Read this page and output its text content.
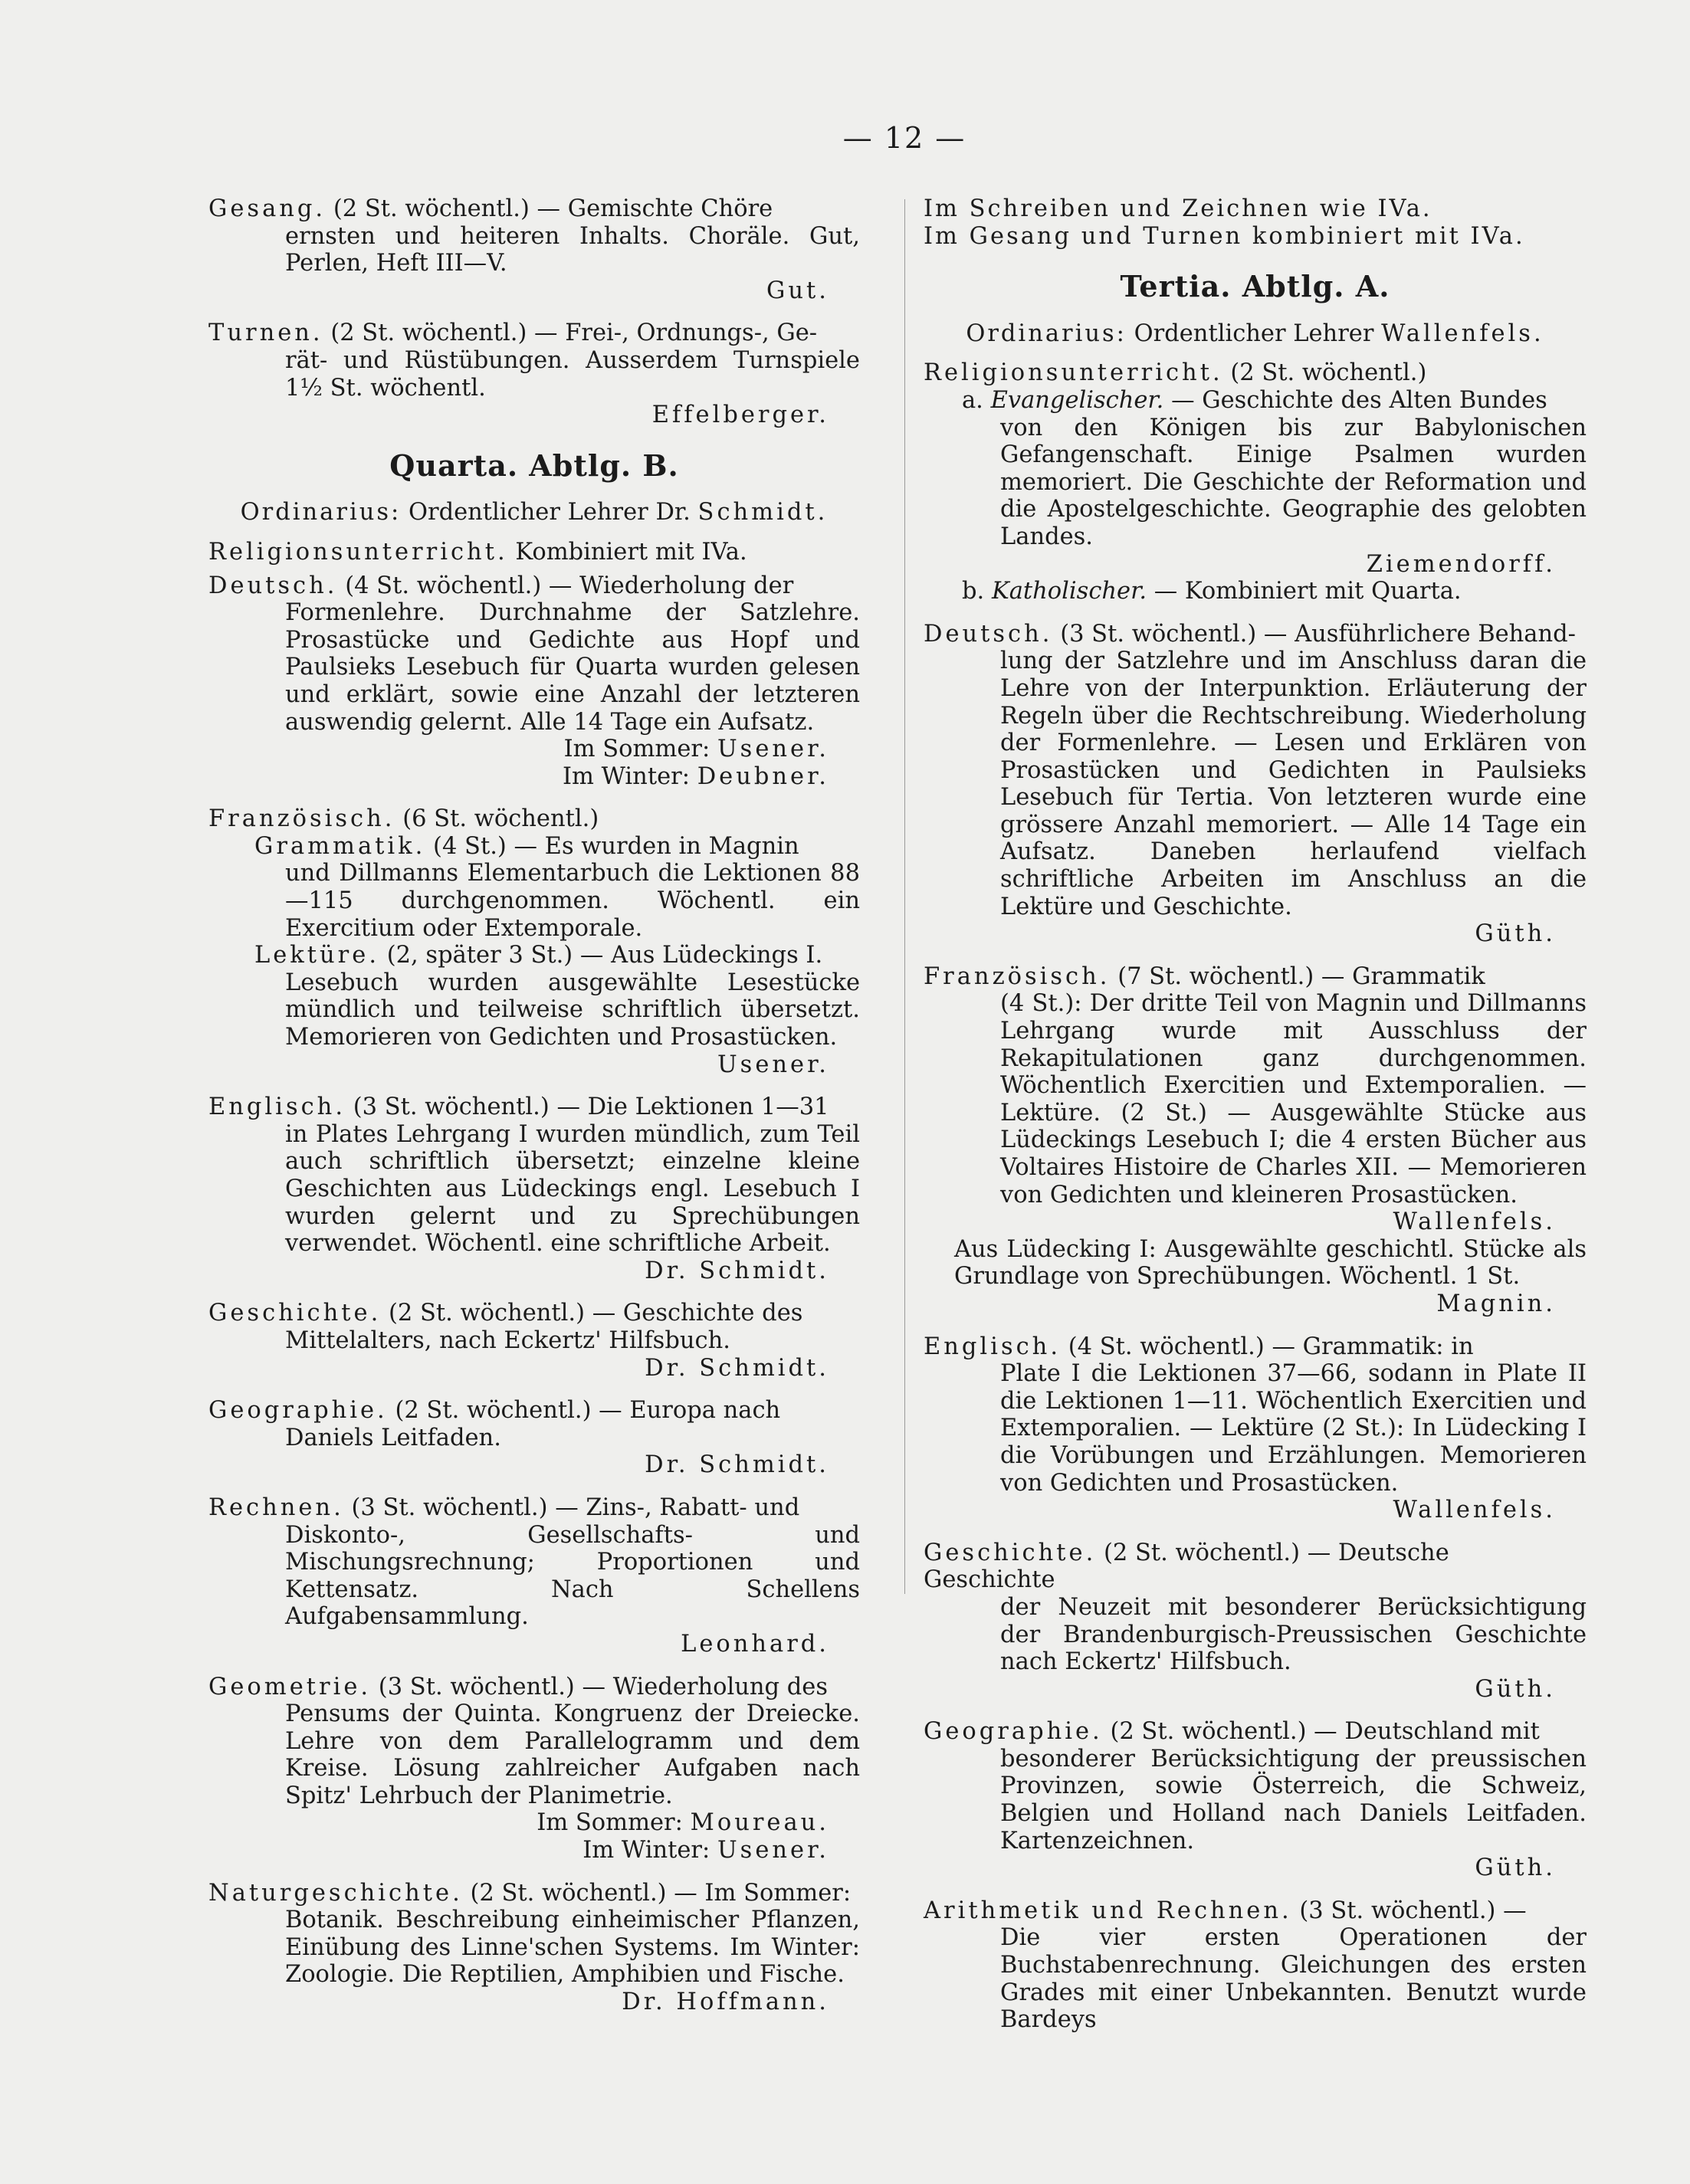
— 12 —
Gesang. (2 St. wöchentl.) — Gemischte Chöre
ernsten und heiteren Inhalts. Choräle. Gut, Perlen, Heft III—V.
Gut.
Turnen. (2 St. wöchentl.) — Frei-, Ordnungs-, Ge-
rät- und Rüstübungen. Ausserdem Turnspiele 1½ St. wöchentl.
Effelberger.
Quarta. Abtlg. B.
Ordinarius: Ordentlicher Lehrer Dr. Schmidt.
Religionsunterricht. Kombiniert mit IVa.
Deutsch. (4 St. wöchentl.) — Wiederholung der
Formenlehre. Durchnahme der Satzlehre. Prosastücke und Gedichte aus Hopf und Paulsieks Lesebuch für Quarta wurden gelesen und erklärt, sowie eine Anzahl der letzteren auswendig gelernt. Alle 14 Tage ein Aufsatz.
Im Sommer: Usener.
Im Winter: Deubner.
Französisch. (6 St. wöchentl.)
Grammatik. (4 St.) — Es wurden in Magnin
und Dillmanns Elementarbuch die Lektionen 88—115 durchgenommen. Wöchentl. ein Exercitium oder Extemporale.
Lektüre. (2, später 3 St.) — Aus Lüdeckings I.
Lesebuch wurden ausgewählte Lesestücke mündlich und teilweise schriftlich übersetzt. Memorieren von Gedichten und Prosastücken.
Usener.
Englisch. (3 St. wöchentl.) — Die Lektionen 1—31
in Plates Lehrgang I wurden mündlich, zum Teil auch schriftlich übersetzt; einzelne kleine Geschichten aus Lüdeckings engl. Lesebuch I wurden gelernt und zu Sprechübungen verwendet. Wöchentl. eine schriftliche Arbeit.
Dr. Schmidt.
Geschichte. (2 St. wöchentl.) — Geschichte des
Mittelalters, nach Eckertz' Hilfsbuch.
Dr. Schmidt.
Geographie. (2 St. wöchentl.) — Europa nach
Daniels Leitfaden.
Dr. Schmidt.
Rechnen. (3 St. wöchentl.) — Zins-, Rabatt- und
Diskonto-, Gesellschafts- und Mischungsrechnung; Proportionen und Kettensatz. Nach Schellens Aufgabensammlung.
Leonhard.
Geometrie. (3 St. wöchentl.) — Wiederholung des
Pensums der Quinta. Kongruenz der Dreiecke. Lehre von dem Parallelogramm und dem Kreise. Lösung zahlreicher Aufgaben nach Spitz' Lehrbuch der Planimetrie.
Im Sommer: Moureau.
Im Winter: Usener.
Naturgeschichte. (2 St. wöchentl.) — Im Sommer:
Botanik. Beschreibung einheimischer Pflanzen, Einübung des Linne'schen Systems. Im Winter: Zoologie. Die Reptilien, Amphibien und Fische.
Dr. Hoffmann.
Im Schreiben und Zeichnen wie IVa.
Im Gesang und Turnen kombiniert mit IVa.
Tertia. Abtlg. A.
Ordinarius: Ordentlicher Lehrer Wallenfels.
Religionsunterricht. (2 St. wöchentl.)
a. Evangelischer. — Geschichte des Alten Bundes
von den Königen bis zur Babylonischen Gefangenschaft. Einige Psalmen wurden memoriert. Die Geschichte der Reformation und die Apostelgeschichte. Geographie des gelobten Landes.
Ziemendorff.
b. Katholischer. — Kombiniert mit Quarta.
Deutsch. (3 St. wöchentl.) — Ausführlichere Behand-
lung der Satzlehre und im Anschluss daran die Lehre von der Interpunktion. Erläuterung der Regeln über die Rechtschreibung. Wiederholung der Formenlehre. — Lesen und Erklären von Prosastücken und Gedichten in Paulsieks Lesebuch für Tertia. Von letzteren wurde eine grössere Anzahl memoriert. — Alle 14 Tage ein Aufsatz. Daneben herlaufend vielfach schriftliche Arbeiten im Anschluss an die Lektüre und Geschichte.
Güth.
Französisch. (7 St. wöchentl.) — Grammatik
(4 St.): Der dritte Teil von Magnin und Dillmanns Lehrgang wurde mit Ausschluss der Rekapitulationen ganz durchgenommen. Wöchentlich Exercitien und Extemporalien. — Lektüre. (2 St.) — Ausgewählte Stücke aus Lüdeckings Lesebuch I; die 4 ersten Bücher aus Voltaires Histoire de Charles XII. — Memorieren von Gedichten und kleineren Prosastücken.
Wallenfels.
Aus Lüdecking I: Ausgewählte geschichtl. Stücke als Grundlage von Sprechübungen. Wöchentl. 1 St.
Magnin.
Englisch. (4 St. wöchentl.) — Grammatik: in
Plate I die Lektionen 37—66, sodann in Plate II die Lektionen 1—11. Wöchentlich Exercitien und Extemporalien. — Lektüre (2 St.): In Lüdecking I die Vorübungen und Erzählungen. Memorieren von Gedichten und Prosastücken.
Wallenfels.
Geschichte. (2 St. wöchentl.) — Deutsche Geschichte
der Neuzeit mit besonderer Berücksichtigung der Brandenburgisch-Preussischen Geschichte nach Eckertz' Hilfsbuch.
Güth.
Geographie. (2 St. wöchentl.) — Deutschland mit
besonderer Berücksichtigung der preussischen Provinzen, sowie Österreich, die Schweiz, Belgien und Holland nach Daniels Leitfaden. Kartenzeichnen.
Güth.
Arithmetik und Rechnen. (3 St. wöchentl.) —
Die vier ersten Operationen der Buchstabenrechnung. Gleichungen des ersten Grades mit einer Unbekannten. Benutzt wurde Bardeys
